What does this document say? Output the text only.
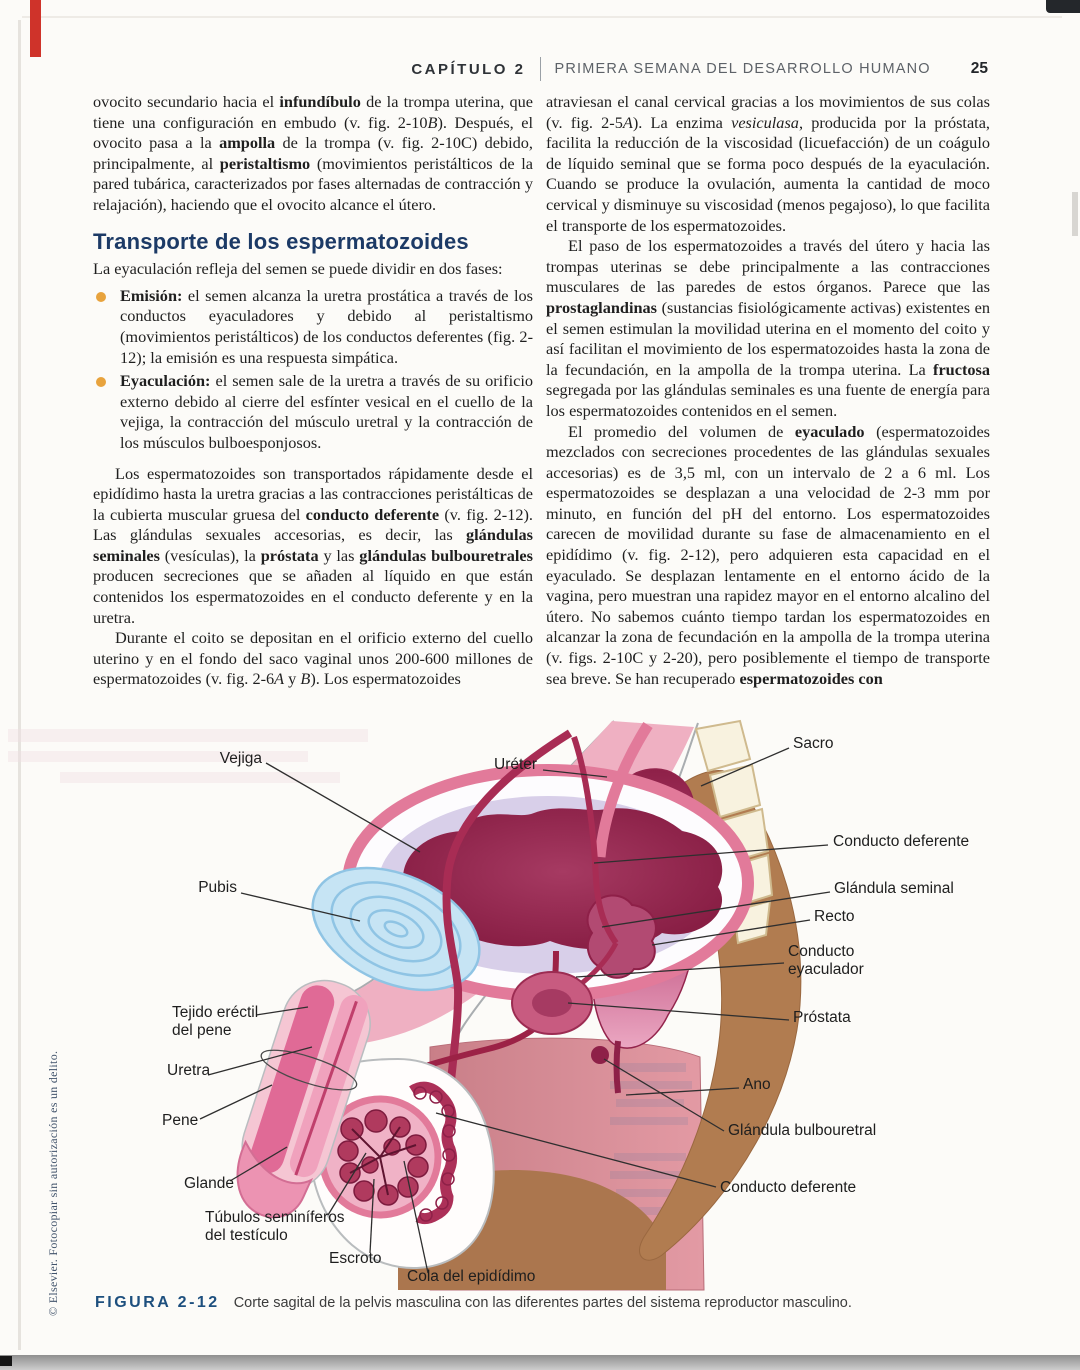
CAPÍTULO 2 PRIMERA SEMANA DEL DESARROLLO HUMANO	25

ovocito secundario hacia el infundíbulo de la trompa uterina, que tiene una configuración en embudo (v. fig. 2-10B). Después, el ovocito pasa a la ampolla de la trompa (v. fig. 2-10C) debido, principalmente, al peristaltismo (movimientos peristálticos de la pared tubárica, caracterizados por fases alternadas de contracción y relajación), haciendo que el ovocito alcance el útero.

Transporte de los espermatozoides

La eyaculación refleja del semen se puede dividir en dos fases:

Emisión: el semen alcanza la uretra prostática a través de los conductos eyaculadores y debido al peristaltismo (movimientos peristálticos) de los conductos deferentes (fig. 2-12); la emisión es una respuesta simpática.
Eyaculación: el semen sale de la uretra a través de su orificio externo debido al cierre del esfínter vesical en el cuello de la vejiga, la contracción del músculo uretral y la contracción de los músculos bulboesponjosos.

Los espermatozoides son transportados rápidamente desde el epidídimo hasta la uretra gracias a las contracciones peristálticas de la cubierta muscular gruesa del conducto deferente (v. fig. 2-12). Las glándulas sexuales accesorias, es decir, las glándulas seminales (vesículas), la próstata y las glándulas bulbouretrales producen secreciones que se añaden al líquido en que están contenidos los espermatozoides en el conducto deferente y en la uretra.

Durante el coito se depositan en el orificio externo del cuello uterino y en el fondo del saco vaginal unos 200-600 millones de espermatozoides (v. fig. 2-6A y B). Los espermatozoides

atraviesan el canal cervical gracias a los movimientos de sus colas (v. fig. 2-5A). La enzima vesiculasa, producida por la próstata, facilita la reducción de la viscosidad (licuefacción) de un coágulo de líquido seminal que se forma poco después de la eyaculación. Cuando se produce la ovulación, aumenta la cantidad de moco cervical y disminuye su viscosidad (menos pegajoso), lo que facilita el transporte de los espermatozoides.

El paso de los espermatozoides a través del útero y hacia las trompas uterinas se debe principalmente a las contracciones musculares de las paredes de estos órganos. Parece que las prostaglandinas (sustancias fisiológicamente activas) existentes en el semen estimulan la movilidad uterina en el momento del coito y así facilitan el movimiento de los espermatozoides hasta la zona de la fecundación, en la ampolla de la trompa uterina. La fructosa segregada por las glándulas seminales es una fuente de energía para los espermatozoides contenidos en el semen.

El promedio del volumen de eyaculado (espermatozoides mezclados con secreciones procedentes de las glándulas sexuales accesorias) es de 3,5 ml, con un intervalo de 2 a 6 ml. Los espermatozoides se desplazan a una velocidad de 2-3 mm por minuto, en función del pH del entorno. Los espermatozoides carecen de movilidad durante su fase de almacenamiento en el epidídimo (v. fig. 2-12), pero adquieren esta capacidad en el eyaculado. Se desplazan lentamente en el entorno ácido de la vagina, pero muestran una rapidez mayor en el entorno alcalino del útero. No sabemos cuánto tiempo tardan los espermatozoides en alcanzar la zona de fecundación en la ampolla de la trompa uterina (v. figs. 2-10C y 2-20), pero posiblemente el tiempo de transporte sea breve. Se han recuperado espermatozoides con

Vejiga	Uréter
Sacro
Conducto deferente
Pubis	Glándula seminal
Recto
Conducto eyaculador
Tejido eréctil del pene
Próstata
Uretra
Ano
Pene
Glándula bulbouretral
Glande	Conducto deferente
Túbulos seminíferos del testículo
Escroto
Cola del epidídimo
FIGURA 2-12 Corte sagital de la pelvis masculina con las diferentes partes del sistema reproductor masculino.
© Elsevier. Fotocopiar sin autorización es un delito.
